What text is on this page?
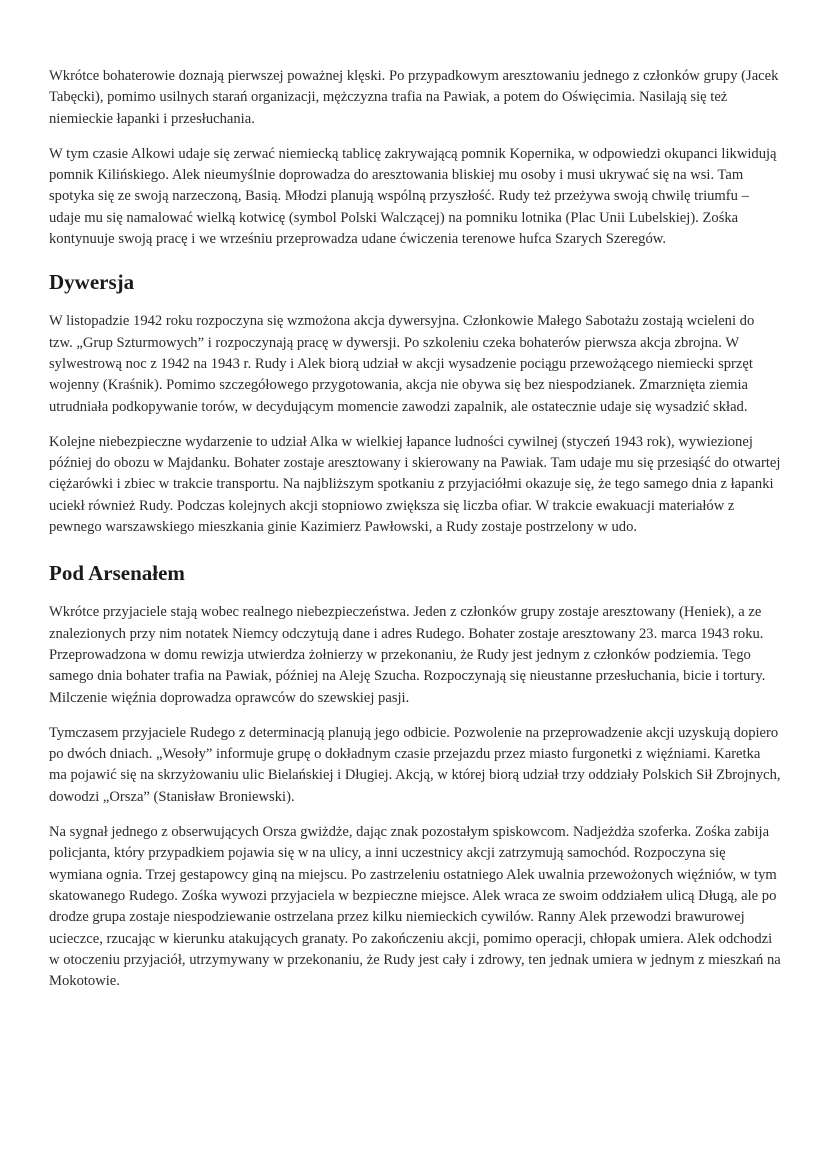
Wkrótce bohaterowie doznają pierwszej poważnej klęski. Po przypadkowym aresztowaniu jednego z członków grupy (Jacek Tabęcki), pomimo usilnych starań organizacji, mężczyzna trafia na Pawiak, a potem do Oświęcimia. Nasilają się też niemieckie łapanki i przesłuchania.

W tym czasie Alkowi udaje się zerwać niemiecką tablicę zakrywającą pomnik Kopernika, w odpowiedzi okupanci likwidują pomnik Kilińskiego. Alek nieumyślnie doprowadza do aresztowania bliskiej mu osoby i musi ukrywać się na wsi. Tam spotyka się ze swoją narzeczoną, Basią. Młodzi planują wspólną przyszłość. Rudy też przeżywa swoją chwilę triumfu – udaje mu się namalować wielką kotwicę (symbol Polski Walczącej) na pomniku lotnika (Plac Unii Lubelskiej). Zośka kontynuuje swoją pracę i we wrześniu przeprowadza udane ćwiczenia terenowe hufca Szarych Szeregów.

Dywersja

W listopadzie 1942 roku rozpoczyna się wzmożona akcja dywersyjna. Członkowie Małego Sabotażu zostają wcieleni do tzw. „Grup Szturmowych” i rozpoczynają pracę w dywersji. Po szkoleniu czeka bohaterów pierwsza akcja zbrojna. W sylwestrową noc z 1942 na 1943 r. Rudy i Alek biorą udział w akcji wysadzenie pociągu przewożącego niemiecki sprzęt wojenny (Kraśnik). Pomimo szczegółowego przygotowania, akcja nie obywa się bez niespodzianek. Zmarznięta ziemia utrudniała podkopywanie torów, w decydującym momencie zawodzi zapalnik, ale ostatecznie udaje się wysadzić skład.

Kolejne niebezpieczne wydarzenie to udział Alka w wielkiej łapance ludności cywilnej (styczeń 1943 rok), wywiezionej później do obozu w Majdanku. Bohater zostaje aresztowany i skierowany na Pawiak. Tam udaje mu się przesiąść do otwartej ciężarówki i zbiec w trakcie transportu. Na najbliższym spotkaniu z przyjaciółmi okazuje się, że tego samego dnia z łapanki uciekł również Rudy. Podczas kolejnych akcji stopniowo zwiększa się liczba ofiar. W trakcie ewakuacji materiałów z pewnego warszawskiego mieszkania ginie Kazimierz Pawłowski, a Rudy zostaje postrzelony w udo.

Pod Arsenałem

Wkrótce przyjaciele stają wobec realnego niebezpieczeństwa. Jeden z członków grupy zostaje aresztowany (Heniek), a ze znalezionych przy nim notatek Niemcy odczytują dane i adres Rudego. Bohater zostaje aresztowany 23. marca 1943 roku. Przeprowadzona w domu rewizja utwierdza żołnierzy w przekonaniu, że Rudy jest jednym z członków podziemia. Tego samego dnia bohater trafia na Pawiak, później na Aleję Szucha. Rozpoczynają się nieustanne przesłuchania, bicie i tortury. Milczenie więźnia doprowadza oprawców do szewskiej pasji.

Tymczasem przyjaciele Rudego z determinacją planują jego odbicie. Pozwolenie na przeprowadzenie akcji uzyskują dopiero po dwóch dniach. „Wesoły” informuje grupę o dokładnym czasie przejazdu przez miasto furgonetki z więźniami. Karetka ma pojawić się na skrzyżowaniu ulic Bielańskiej i Długiej. Akcją, w której biorą udział trzy oddziały Polskich Sił Zbrojnych, dowodzi „Orsza” (Stanisław Broniewski).

Na sygnał jednego z obserwujących Orsza gwiżdże, dając znak pozostałym spiskowcom. Nadjeżdża szoferka. Zośka zabija policjanta, który przypadkiem pojawia się w na ulicy, a inni uczestnicy akcji zatrzymują samochód. Rozpoczyna się wymiana ognia. Trzej gestapowcy giną na miejscu. Po zastrzeleniu ostatniego Alek uwalnia przewożonych więźniów, w tym skatowanego Rudego. Zośka wywozi przyjaciela w bezpieczne miejsce. Alek wraca ze swoim oddziałem ulicą Długą, ale po drodze grupa zostaje niespodziewanie ostrzelana przez kilku niemieckich cywilów. Ranny Alek przewodzi brawurowej ucieczce, rzucając w kierunku atakujących granaty. Po zakończeniu akcji, pomimo operacji, chłopak umiera. Alek odchodzi w otoczeniu przyjaciół, utrzymywany w przekonaniu, że Rudy jest cały i zdrowy, ten jednak umiera w jednym z mieszkań na Mokotowie.
